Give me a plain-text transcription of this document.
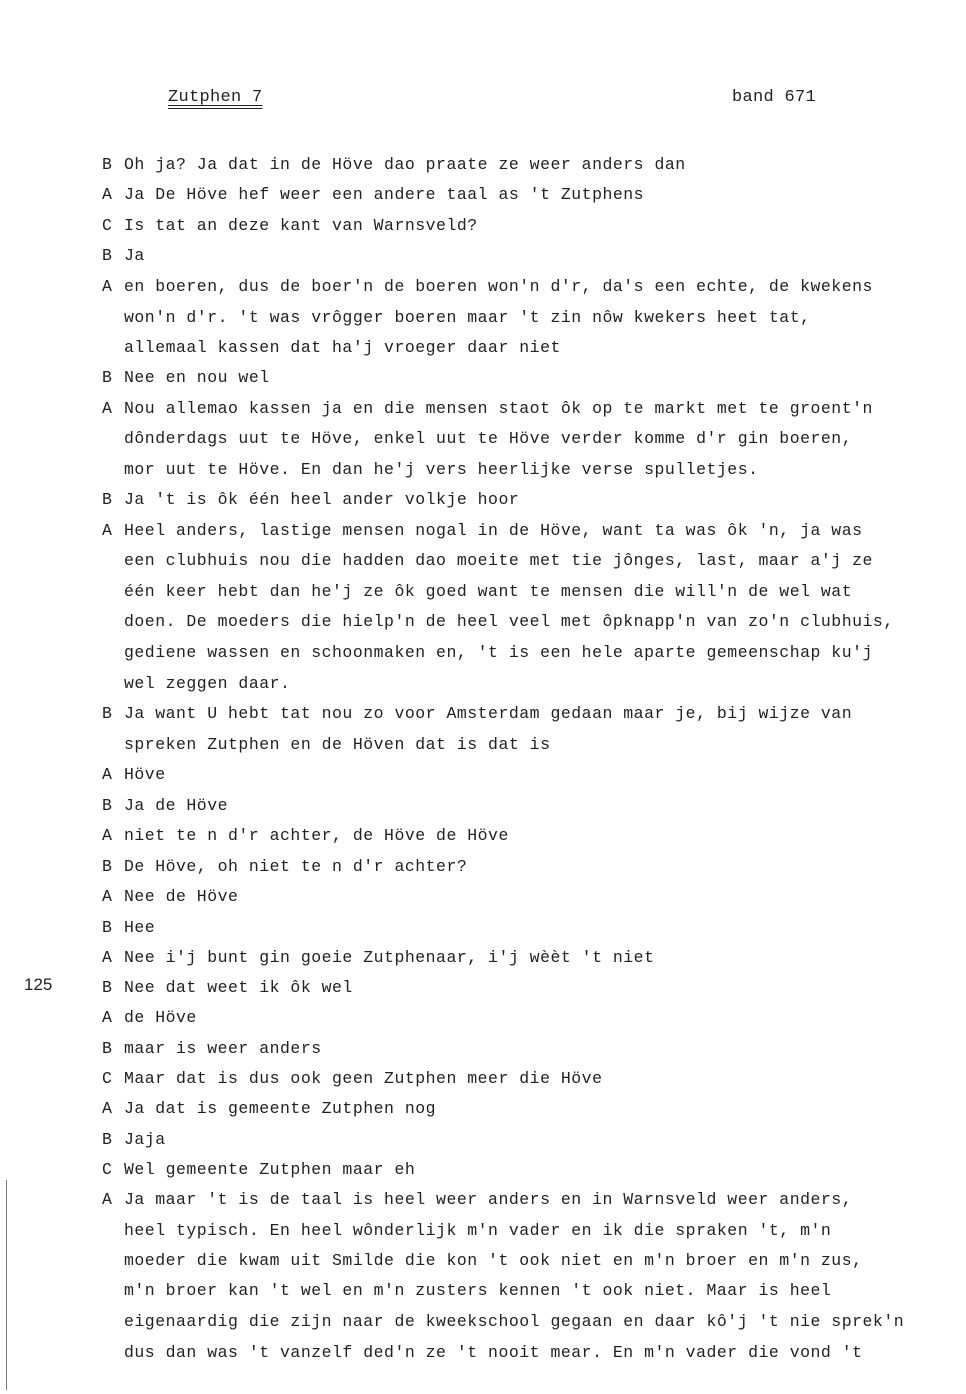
Zutphen 7	band 671
125
B Oh ja? Ja dat in de Höve dao praate ze weer anders dan
A Ja De Höve hef weer een andere taal as 't Zutphens
C Is tat an deze kant van Warnsveld?
B Ja
A en boeren, dus de boer'n de boeren won'n d'r, da's een echte, de kwekens
won'n d'r. 't was vrôgger boeren maar 't zin nôw kwekers heet tat,
allemaal kassen dat ha'j vroeger daar niet
B Nee en nou wel
A Nou allemao kassen ja en die mensen staot ôk op te markt met te groent'n
dônderdags uut te Höve, enkel uut te Höve verder komme d'r gin boeren,
mor uut te Höve. En dan he'j vers heerlijke verse spulletjes.
B Ja 't is ôk één heel ander volkje hoor
A Heel anders, lastige mensen nogal in de Höve, want ta was ôk 'n, ja was
een clubhuis nou die hadden dao moeite met tie jônges, last, maar a'j ze
één keer hebt dan he'j ze ôk goed want te mensen die will'n de wel wat
doen. De moeders die hielp'n de heel veel met ôpknapp'n van zo'n clubhuis,
gediene wassen en schoonmaken en, 't is een hele aparte gemeenschap ku'j
wel zeggen daar.
B Ja want U hebt tat nou zo voor Amsterdam gedaan maar je, bij wijze van
spreken Zutphen en de Höven dat is dat is
A Höve
B Ja de Höve
A niet te n d'r achter, de Höve de Höve
B De Höve, oh niet te n d'r achter?
A Nee de Höve
B Hee
A Nee i'j bunt gin goeie Zutphenaar, i'j wèèt 't niet
B Nee dat weet ik ôk wel
A de Höve
B maar is weer anders
C Maar dat is dus ook geen Zutphen meer die Höve
A Ja dat is gemeente Zutphen nog
B Jaja
C Wel gemeente Zutphen maar eh
A Ja maar 't is de taal is heel weer anders en in Warnsveld weer anders,
heel typisch. En heel wônderlijk m'n vader en ik die spraken 't, m'n
moeder die kwam uit Smilde die kon 't ook niet en m'n broer en m'n zus,
m'n broer kan 't wel en m'n zusters kennen 't ook niet. Maar is heel
eigenaardig die zijn naar de kweekschool gegaan en daar kô'j 't nie sprek'n
dus dan was 't vanzelf ded'n ze 't nooit mear. En m'n vader die vond 't
